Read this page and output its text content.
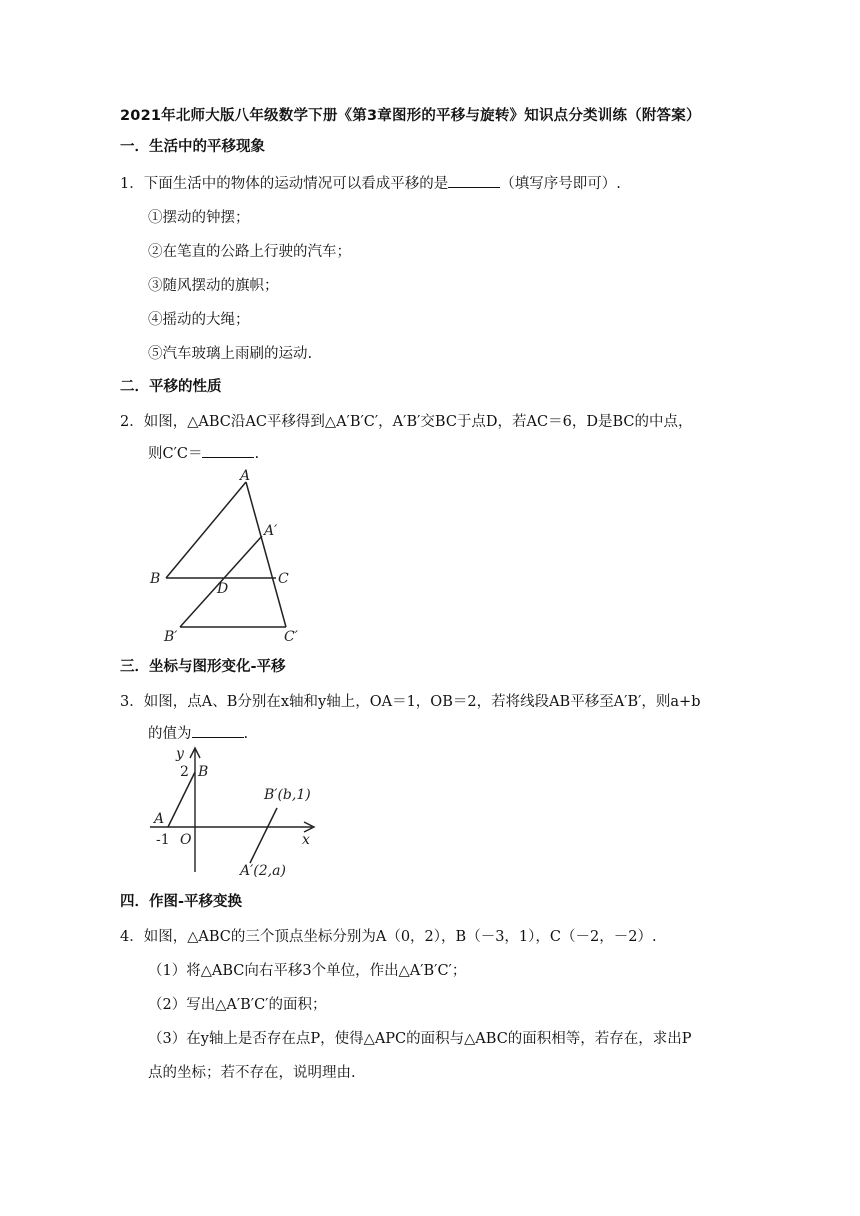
2021年北师大版八年级数学下册《第3章图形的平移与旋转》知识点分类训练（附答案）
一．生活中的平移现象
1．下面生活中的物体的运动情况可以看成平移的是	（填写序号即可）.
①摆动的钟摆；
②在笔直的公路上行驶的汽车；
③随风摆动的旗帜；
④摇动的大绳；
⑤汽车玻璃上雨刷的运动.
二．平移的性质
2．如图，△ABC沿AC平移得到△A′B′C′，A′B′交BC于点D，若AC＝6，D是BC的中点，
则C′C＝	.
A
A′
B	C
D
B′	C′
三．坐标与图形变化-平移
3．如图，点A、B分别在x轴和y轴上，OA＝1，OB＝2，若将线段AB平移至A′B′，则a+b
的值为	.
y
x
2 B
A
-1 O
B′(b,1)
A′(2,a)
四．作图-平移变换
4．如图，△ABC的三个顶点坐标分别为A（0，2），B（－3，1），C（－2，－2）.
（1）将△ABC向右平移3个单位，作出△A′B′C′；
（2）写出△A′B′C′的面积；
（3）在y轴上是否存在点P，使得△APC的面积与△ABC的面积相等，若存在，求出P
点的坐标；若不存在，说明理由.
